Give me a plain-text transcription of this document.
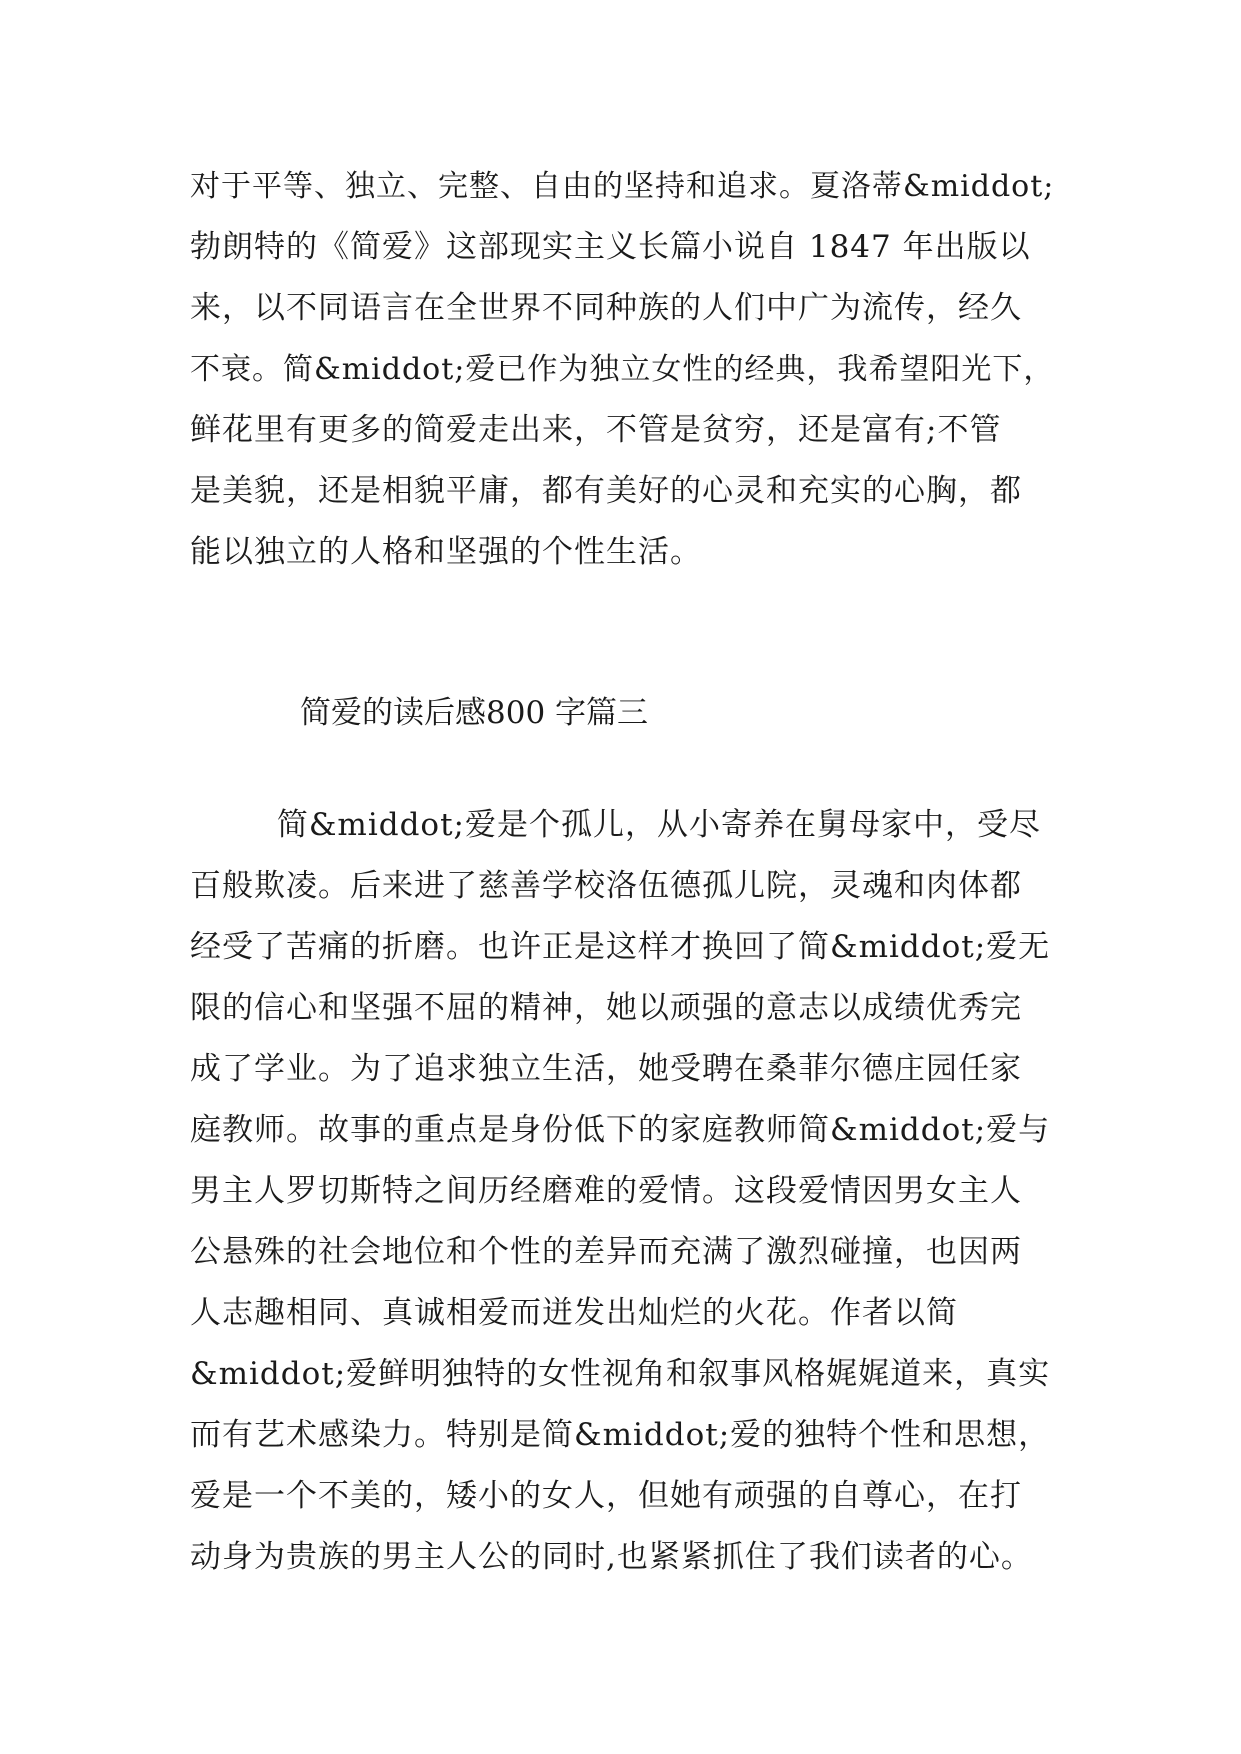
对于平等、独立、完整、自由的坚持和追求。夏洛蒂&middot;
勃朗特的《简爱》这部现实主义长篇小说自 1847 年出版以
来，以不同语言在全世界不同种族的人们中广为流传，经久
不衰。简&middot;爱已作为独立女性的经典，我希望阳光下，
鲜花里有更多的简爱走出来，不管是贫穷，还是富有;不管
是美貌，还是相貌平庸，都有美好的心灵和充实的心胸，都
能以独立的人格和坚强的个性生活。
简爱的读后感800 字篇三
简&middot;爱是个孤儿，从小寄养在舅母家中，受尽
百般欺凌。后来进了慈善学校洛伍德孤儿院，灵魂和肉体都
经受了苦痛的折磨。也许正是这样才换回了简&middot;爱无
限的信心和坚强不屈的精神，她以顽强的意志以成绩优秀完
成了学业。为了追求独立生活，她受聘在桑菲尔德庄园任家
庭教师。故事的重点是身份低下的家庭教师简&middot;爱与
男主人罗切斯特之间历经磨难的爱情。这段爱情因男女主人
公悬殊的社会地位和个性的差异而充满了激烈碰撞，也因两
人志趣相同、真诚相爱而迸发出灿烂的火花。作者以简
&middot;爱鲜明独特的女性视角和叙事风格娓娓道来，真实
而有艺术感染力。特别是简&middot;爱的独特个性和思想，
爱是一个不美的，矮小的女人，但她有顽强的自尊心，在打
动身为贵族的男主人公的同时,也紧紧抓住了我们读者的心。
